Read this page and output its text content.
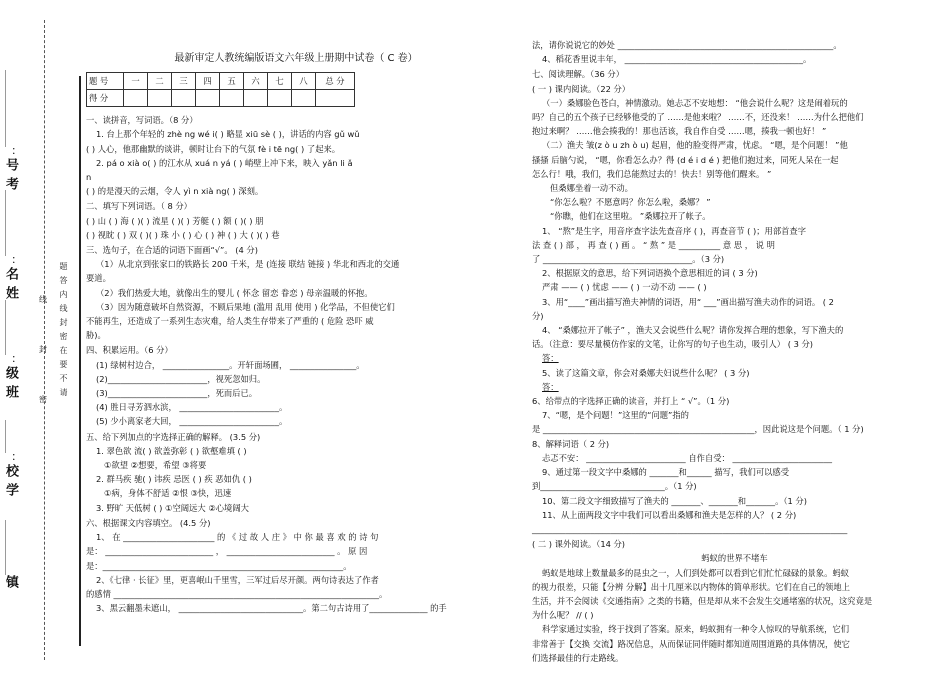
＿＿＿＿＿＿＿：号考
＿＿＿＿＿＿：名姓
＿＿＿＿＿：级班
＿＿＿：校学
＿＿＿＿＿镇
题答内线封密在要不请
线
封
密

最新审定人教统编版语文六年级上册期中试卷（ C 卷）

题 号	一	二	三	四	五	六	七	八	总 分
得 分									

一、读拼音，写词语。（8 分）

1. 台上那个年轻的 zhè ng wé i( ) 略显 xiū sè ( )，讲话的内容 gǔ wǔ

( ) 人心，他那幽默的谈讲，顿时让台下的气氛 fè i tē ng( ) 了起来。

2. pá o xià o( ) 的江水从 xuá n yá ( ) 峭壁上冲下来，映入 yǎn li ǎ

n

( ) 的是漫天的云烟，令人 yì n xià ng( ) 深刻。

二、填写下列词语。（ 8 分）

( ) 山 ( ) 海 ( )( ) 流星 ( )( ) 芳艇 ( ) 额 ( )( ) 朋

( ) 视眈 ( ) 双 ( )( ) 珠 小 ( ) 心 ( ) 神 ( ) 大 ( )( ) 巷

三、选句子，在合适的词语下面画“√”。 (4 分)

（1）从北京到张家口的铁路长 200 千米，是 (连接 联结 链接 ) 华北和西北的交通

要道。

（2）我们热爱大地，就像出生的婴儿 ( 怀念 留恋 眷恋 ) 母亲温暖的怀抱。

（3）因为随意破坏自然资源，不顾后果地 (滥用 乱用 使用 ) 化学品，不但使它们

不能再生，还造成了一系列生态灾难，给人类生存带来了严重的 ( 危险 恐吓 威

胁)。

四、积累运用。（6 分）

(1) 绿树村边合， ________________。开轩面场圃， ________________。

(2)________________________，视死忽如归。

(3)________________________，死而后已。

(4) 胜日寻芳泗水滨， ________________________。

(5) 少小离家老大回， ________________________。

五、给下列加点的字选择正确的解释。 (3.5 分)

1. 翠色欲 流( ) 欲盖弥彰 ( ) 欲壑难填 ( )

①欲望 ②想要，希望 ③将要

2. 群马疾 驰( ) 讳疾 忌医 ( ) 疾 恶如仇 ( )

①病，身体不舒适 ②恨 ③快，迅速

3. 野旷 天低树 ( ) ①空阔远大 ②心境阔大

六、根据课文内容填空。 (4.5 分)

1、 在 ______________________ 的 《 过 故 人 庄 》 中 你 最 喜 欢 的 诗 句

是： __________________________ ， __________________________ 。 原 因

是：__________________________________________________________。

2、《七律 · 长征》里，更喜岷山千里雪，三军过后尽开颜。两句诗表达了作者

的感情 ________________________________________________________________。

3、黑云翻墨未遮山， ______________________________。第二句古诗用了______________ 的手

法，请你说说它的妙处 ____________________________________________________。

4、稻花香里说丰年， ___________________________________________。

七、阅读理解。（36 分）

( 一 ) 课内阅读。（22 分）

（一）桑娜脸色苍白，神情激动。她忐忑不安地想： “他会说什么呢？这是闹着玩的

吗？自己的五个孩子已经够他受的了 ……是他来啦？ ……不，还没来！ ……为什么把他们

抱过来啊？ ……他会揍我的！那也活该，我自作自受 ……嗯，揍我一顿也好！ ”

（二）渔夫 皱(z ò u zh ò u) 起眉，他的脸变得严肃，忧虑。 “嗯，是个问题！ ”他

搔搔 后脑勺说， “嗯，你看怎么办？得 (d é i d é ) 把他们抱过来，同死人呆在一起

怎么行！哦，我们，我们总能熬过去的！快去！别等他们醒来。 ”

但桑娜坐着一动不动。

“你怎么啦？不愿意吗？你怎么啦，桑娜？ ”

“你瞧，他们在这里啦。 ”桑娜拉开了帐子。

1、 “熬”是生字，用音序查字法先查音序 ( )，再查音节 ( )；用部首查字

法 查 ( ) 部 ， 再 查 ( ) 画 。 “ 熬 ” 是 __________ 意 思 ， 说 明

了 ____________________________________。（3 分)

2、根据原文的意思，给下列词语换个意思相近的词 ( 3 分)

严肃 —— ( ) 忧虑 —— ( ) 一动不动 —— ( )

3、用“____”画出描写渔夫神情的词语，用“ ___”画出描写渔夫动作的词语。 ( 2

分)

4、 “桑娜拉开了帐子” ，渔夫又会说些什么呢？请你发挥合理的想象，写下渔夫的

话。（注意：要尽量模仿作家的文笔，让你写的句子也生动，吸引人） ( 3 分)

答：

5、读了这篇文章，你会对桑娜夫妇说些什么呢？ ( 3 分)

答：

6、给带点的字选择正确的读音，并打上 “ √”。（1 分)

7、“嗯，是个问题！”这里的“问题”指的

是 ___________________________________________________，因此说这是个问题。（ 1 分)

8、解释词语（ 2 分)

忐忑不安： ________________________ 自作自受： ________________________

9、通过第一段文字中桑娜的 _______和______ 描写，我们可以感受

到______________________________。（1 分)

10、第二段文字细致描写了渔夫的 _______、_______和_______。（1 分)

11、从上面两段文字中我们可以看出桑娜和渔夫是怎样的人？ ( 2 分)

____________________________________________________________________________

( 二 ) 课外阅读。（14 分)

蚂蚁的世界不堵车

蚂蚁是地球上数量最多的昆虫之一，人们到处都可以看到它们忙忙碌碌的景象。蚂蚁

的视力很差，只能【分辨 分解】出十几厘米以内物体的简单形状。它们在自己的领地上

生活，并不会阅读《交通指南》之类的书籍，但是却从来不会发生交通堵塞的状况，这究竟是

为什么呢？ // ( )

科学家通过实验，终于找到了答案。原来，蚂蚁拥有一种令人惊叹的导航系统，它们

非常善于【交换 交流】路况信息，从而保证同伴随时都知道周围道路的具体情况，使它

们选择最佳的行走路线。
